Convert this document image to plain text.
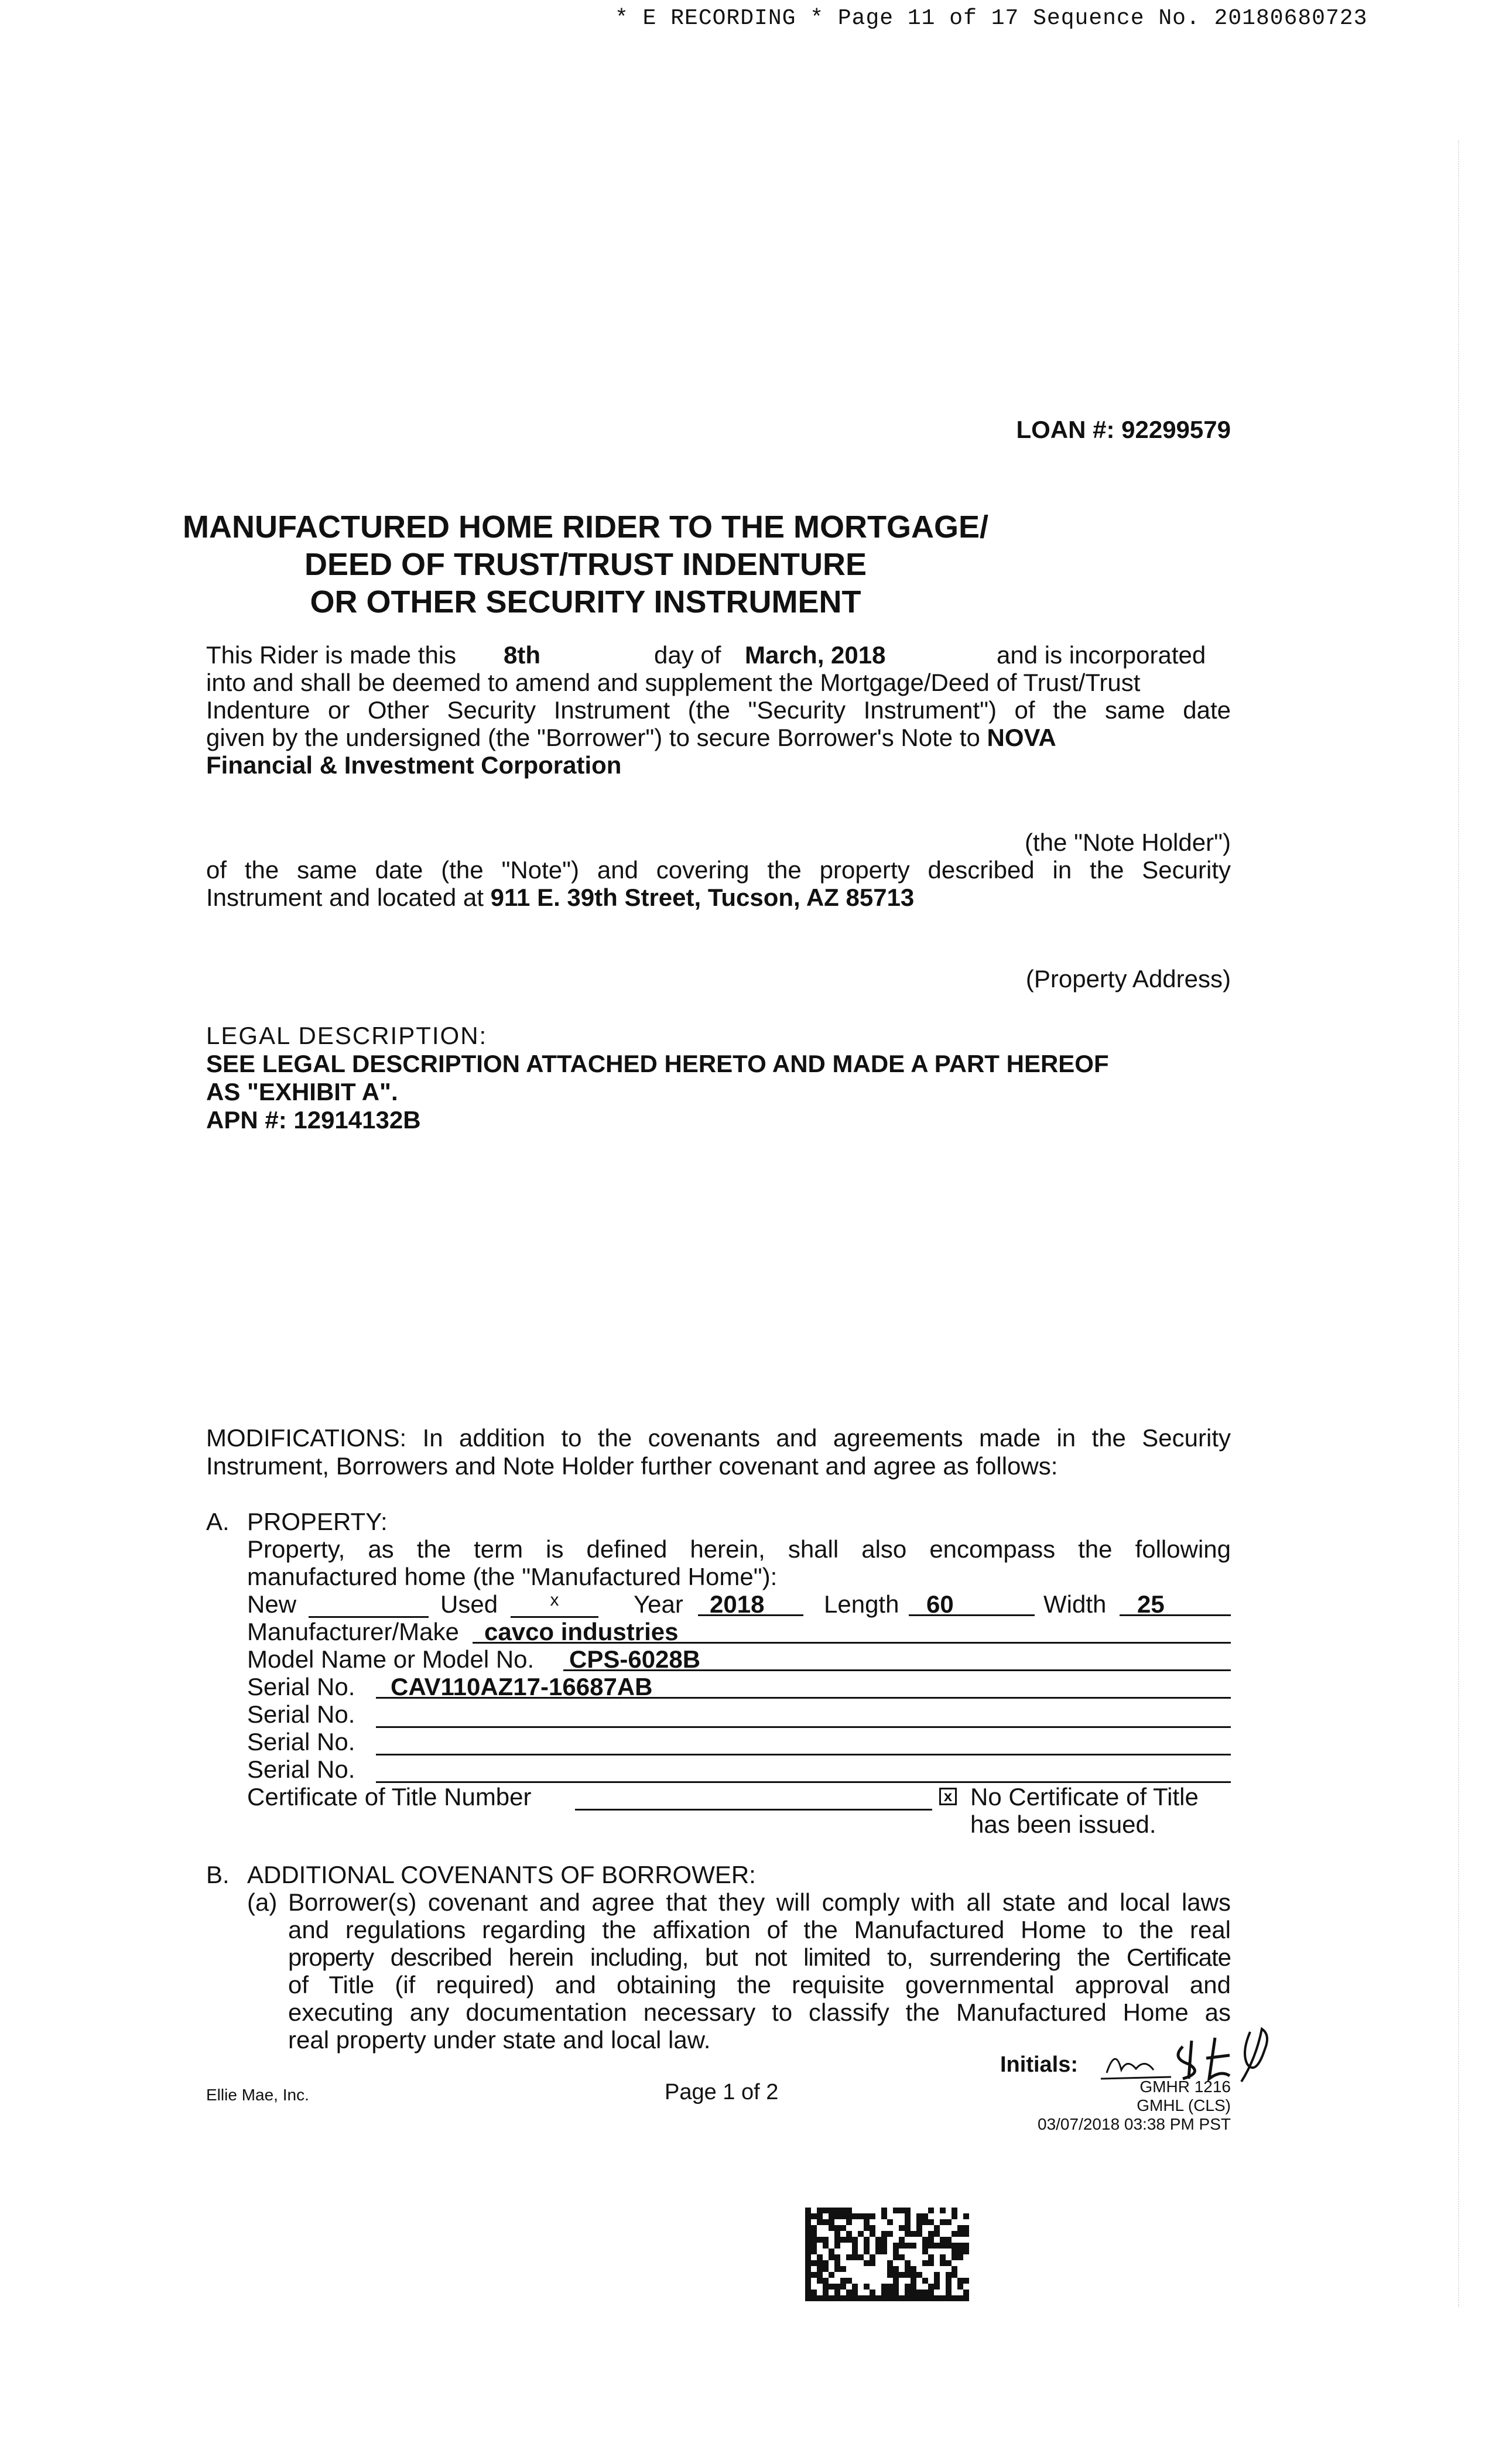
* E RECORDING * Page 11 of 17 Sequence No. 20180680723
LOAN #: 92299579
MANUFACTURED HOME RIDER TO THE MORTGAGE/
DEED OF TRUST/TRUST INDENTURE
OR OTHER SECURITY INSTRUMENT
This Rider is made this 8th	day of March, 2018	and is incorporated
into and shall be deemed to amend and supplement the Mortgage/Deed of Trust/Trust
Indenture or Other Security Instrument (the "Security Instrument") of the same date
given by the undersigned (the "Borrower") to secure Borrower's Note to NOVA
Financial & Investment Corporation
(the "Note Holder")
of the same date (the "Note") and covering the property described in the Security
Instrument and located at 911 E. 39th Street, Tucson, AZ 85713
(Property Address)
LEGAL DESCRIPTION:
SEE LEGAL DESCRIPTION ATTACHED HERETO AND MADE A PART HEREOF
AS "EXHIBIT A".
APN #: 12914132B
MODIFICATIONS: In addition to the covenants and agreements made in the Security
Instrument, Borrowers and Note Holder further covenant and agree as follows:
A. PROPERTY:
Property, as the term is defined herein, shall also encompass the following
manufactured home (the "Manufactured Home"):
New	Used	x	Year	2018	Length	60	Width	25
Manufacturer/Make	cavco industries
Model Name or Model No. CPS-6028B
Serial No.	CAV110AZ17-16687AB
Serial No.
Serial No.
Serial No.
Certificate of Title Number	x No Certificate of Title
has been issued.
B. ADDITIONAL COVENANTS OF BORROWER:
(a) Borrower(s) covenant and agree that they will comply with all state and local laws
and regulations regarding the affixation of the Manufactured Home to the real
property described herein including, but not limited to, surrendering the Certificate
of Title (if required) and obtaining the requisite governmental approval and
executing any documentation necessary to classify the Manufactured Home as
real property under state and local law.
Initials:
Ellie Mae, Inc.	Page 1 of 2	GMHR 1216
GMHL (CLS)
03/07/2018 03:38 PM PST
